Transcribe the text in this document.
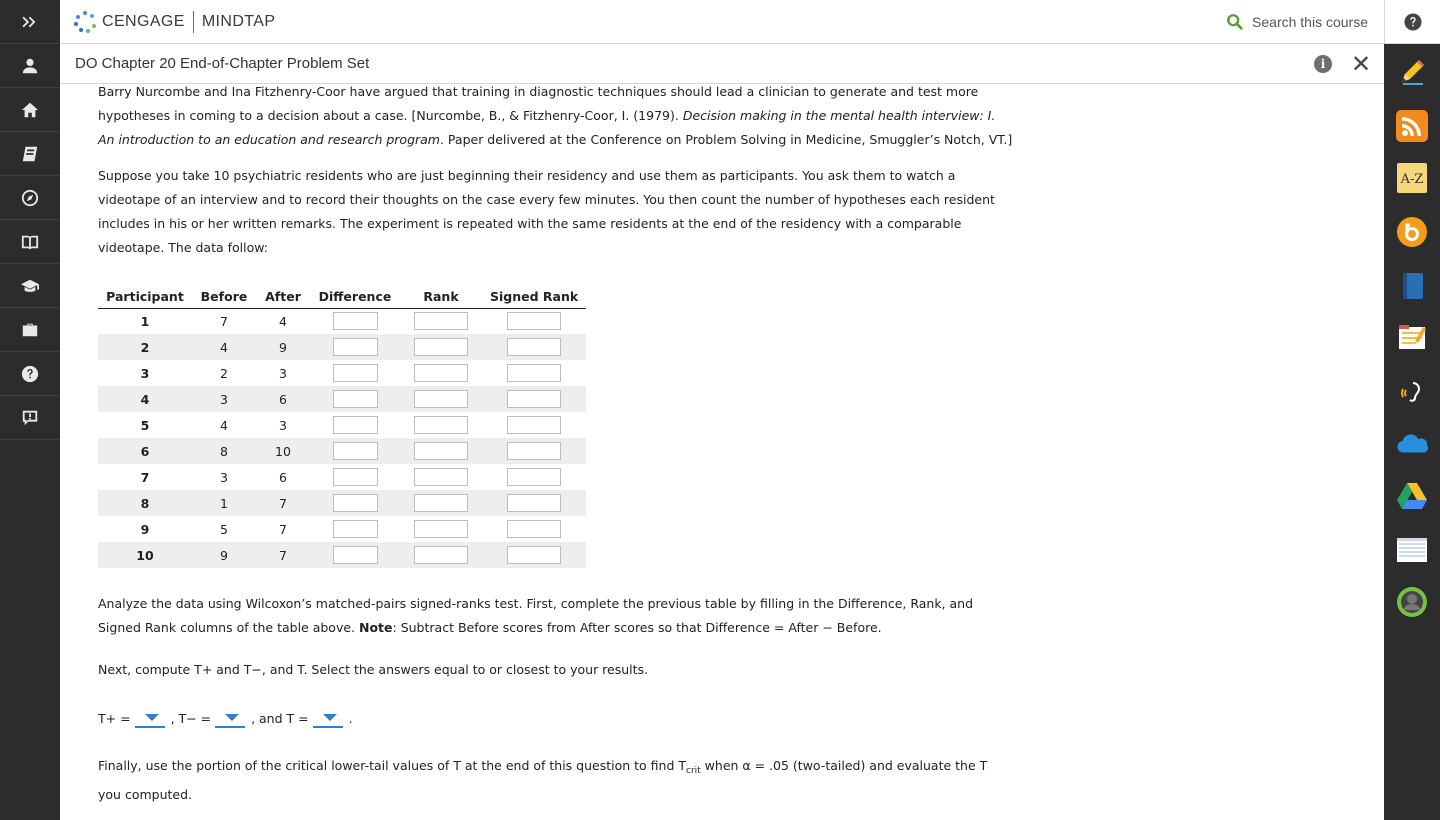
CENGAGE MINDTAP	Search this course
DO Chapter 20 End-of-Chapter Problem Set	i ✕
A-Z

Barry Nurcombe and Ina Fitzhenry-Coor have argued that training in diagnostic techniques should lead a clinician to generate and test more hypotheses in coming to a decision about a case. [Nurcombe, B., & Fitzhenry-Coor, I. (1979). Decision making in the mental health interview: I. An introduction to an education and research program. Paper delivered at the Conference on Problem Solving in Medicine, Smuggler’s Notch, VT.]

Suppose you take 10 psychiatric residents who are just beginning their residency and use them as participants. You ask them to watch a videotape of an interview and to record their thoughts on the case every few minutes. You then count the number of hypotheses each resident includes in his or her written remarks. The experiment is repeated with the same residents at the end of the residency with a comparable videotape. The data follow:

Participant	Before	After	Difference	Rank	Signed Rank
1	7	4			
2	4	9			
3	2	3			
4	3	6			
5	4	3			
6	8	10			
7	3	6			
8	1	7			
9	5	7			
10	9	7			

Analyze the data using Wilcoxon’s matched-pairs signed-ranks test. First, complete the previous table by filling in the Difference, Rank, and Signed Rank columns of the table above. Note: Subtract Before scores from After scores so that Difference = After − Before.

Next, compute T+ and T−, and T. Select the answers equal to or closest to your results.

T+ =	, T− =	, and T =	.

Finally, use the portion of the critical lower-tail values of T at the end of this question to find $T_{crit}$ when α = .05 (two-tailed) and evaluate the T you computed.
